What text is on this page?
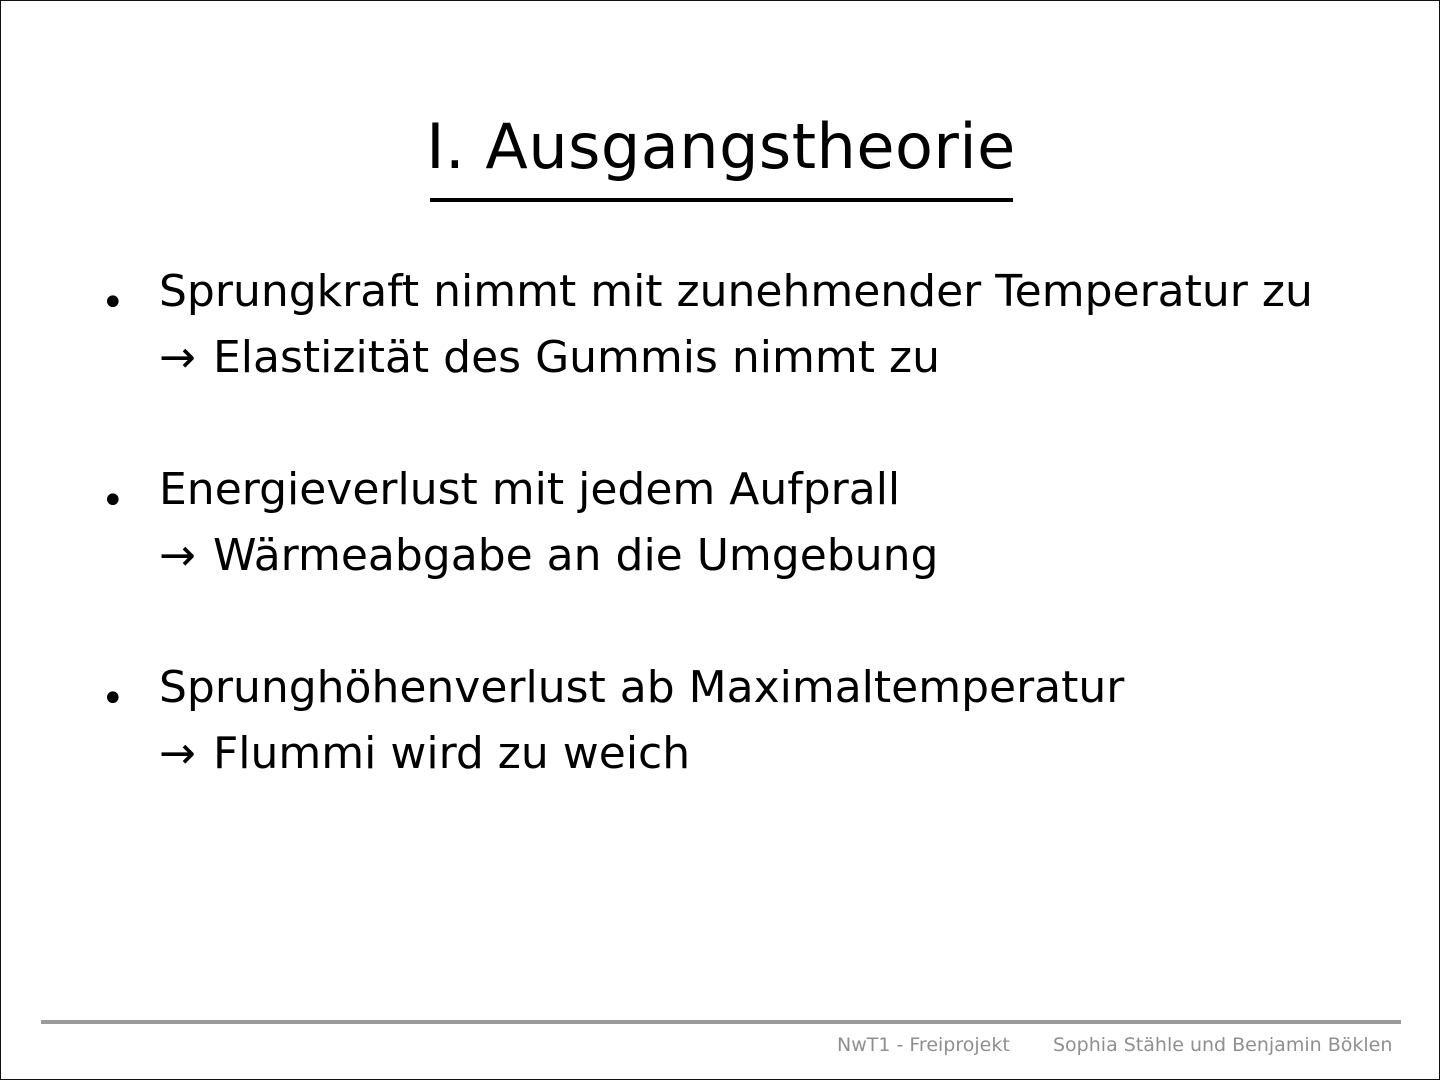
I. Ausgangstheorie
• Sprungkraft nimmt mit zunehmender Temperatur zu
→ Elastizität des Gummis nimmt zu
• Energieverlust mit jedem Aufprall
→ Wärmeabgabe an die Umgebung
• Sprunghöhenverlust ab Maximaltemperatur
→ Flummi wird zu weich
NwT1 - Freiprojekt Sophia Stähle und Benjamin Böklen
